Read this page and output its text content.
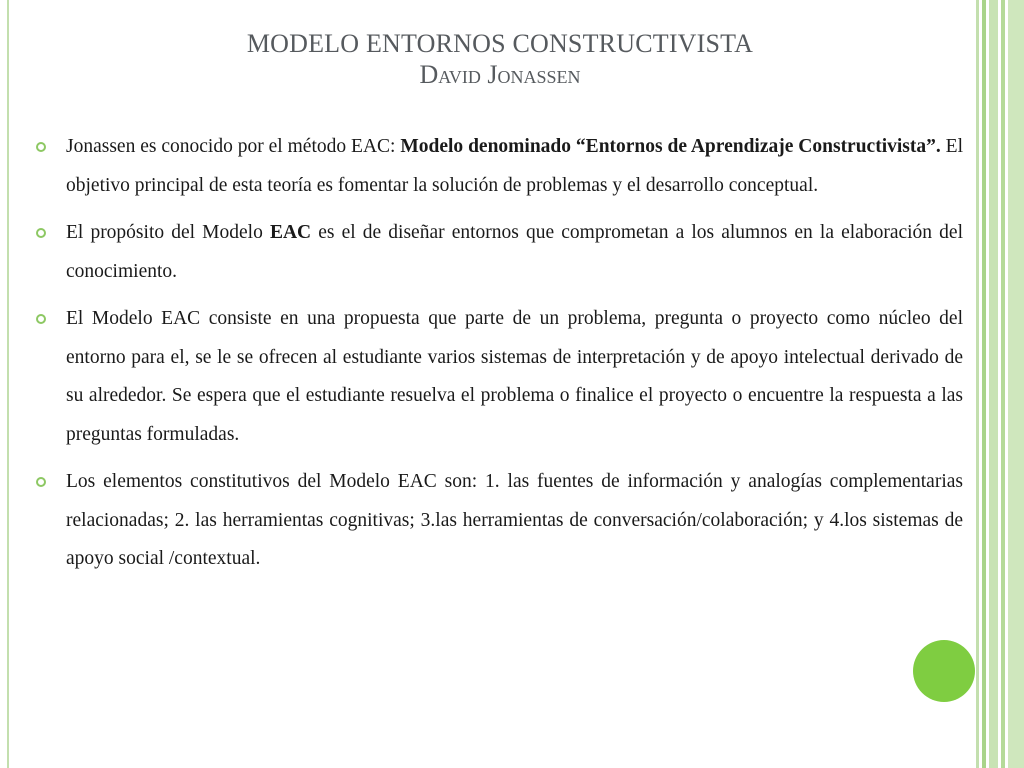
MODELO ENTORNOS CONSTRUCTIVISTA
David Jonassen

Jonassen es conocido por el método EAC: Modelo denominado “Entornos de Aprendizaje Constructivista”. El objetivo principal de esta teoría es fomentar la solución de problemas y el desarrollo conceptual.

El propósito del Modelo EAC es el de diseñar entornos que comprometan a los alumnos en la elaboración del conocimiento.

El Modelo EAC consiste en una propuesta que parte de un problema, pregunta o proyecto como núcleo del entorno para el, se le se ofrecen al estudiante varios sistemas de interpretación y de apoyo intelectual derivado de su alrededor. Se espera que el estudiante resuelva el problema o finalice el proyecto o encuentre la respuesta a las preguntas formuladas.

Los elementos constitutivos del Modelo EAC son: 1. las fuentes de información y analogías complementarias relacionadas; 2. las herramientas cognitivas; 3.las herramientas de conversación/colaboración; y 4.los sistemas de apoyo social /contextual.
